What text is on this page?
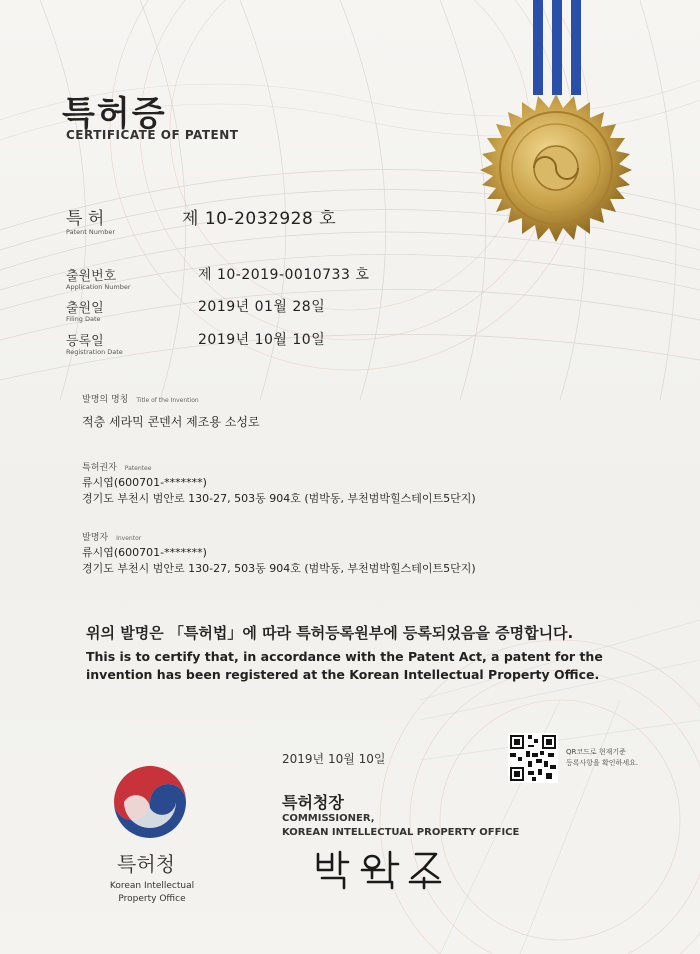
특허증
CERTIFICATE OF PATENT
특 허
Patent Number
제 10-2032928 호
출원번호
Application Number
제 10-2019-0010733 호
출원일
Filing Date
2019년 01월 28일
등록일
Registration Date
2019년 10월 10일
발명의 명칭 Title of the Invention
적층 세라믹 콘덴서 제조용 소성로
특허권자 Patentee
류시엽(600701-*******)
경기도 부천시 범안로 130-27, 503동 904호 (범박동, 부천범박힐스테이트5단지)
발명자 Inventor
류시엽(600701-*******)
경기도 부천시 범안로 130-27, 503동 904호 (범박동, 부천범박힐스테이트5단지)
위의 발명은 「특허법」에 따라 특허등록원부에 등록되었음을 증명합니다.
This is to certify that, in accordance with the Patent Act, a patent for the invention has been registered at the Korean Intellectual Property Office.
2019년 10월 10일
특허청장
COMMISSIONER,
KOREAN INTELLECTUAL PROPERTY OFFICE
QR코드로 현재기준
등록사항을 확인하세요.
특허청
Korean Intellectual
Property Office
